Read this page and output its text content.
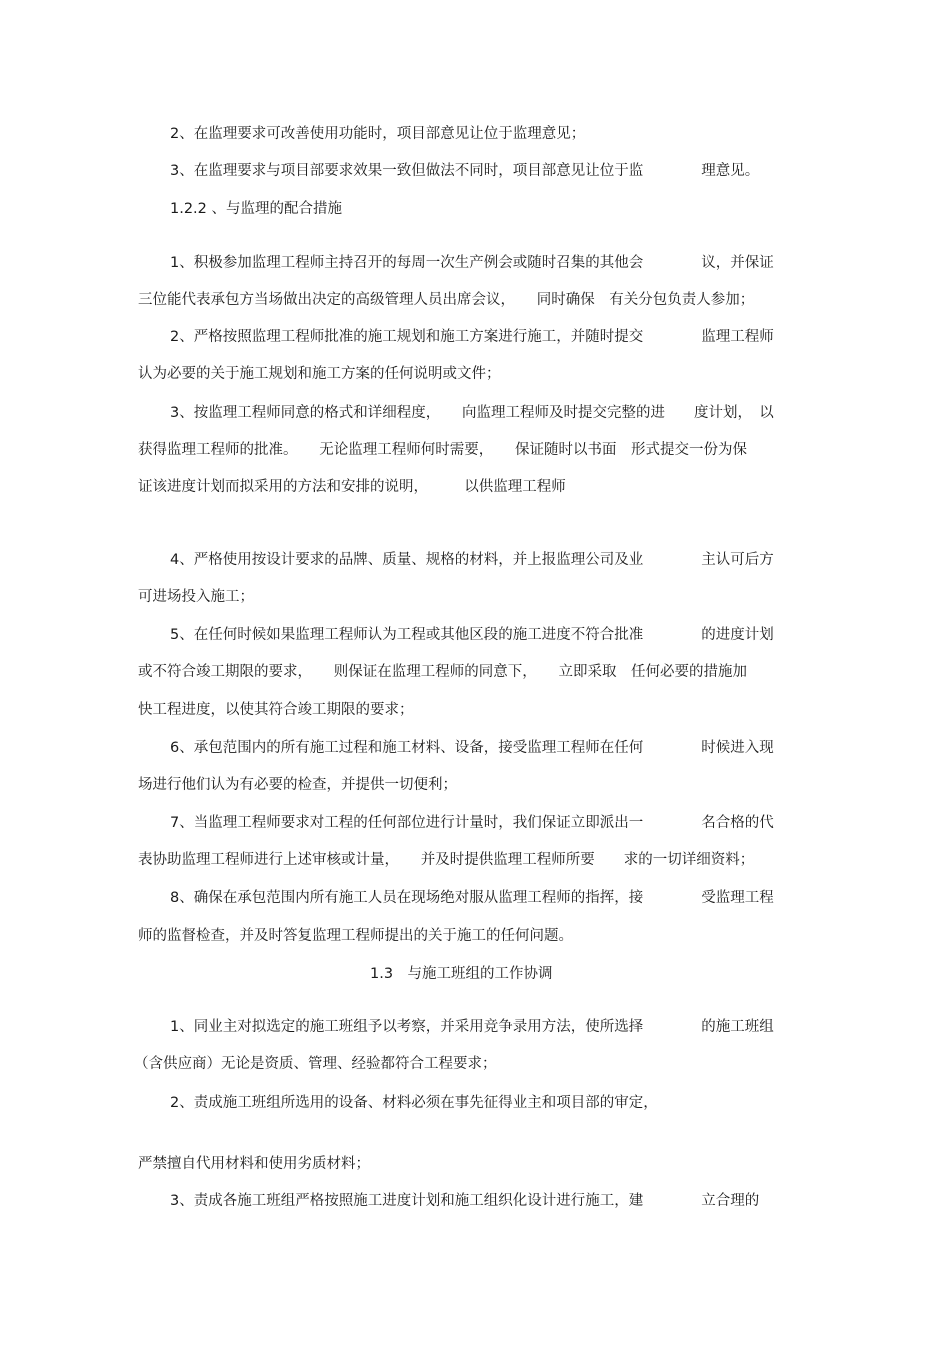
2、在监理要求可改善使用功能时，项目部意见让位于监理意见；
3、在监理要求与项目部要求效果一致但做法不同时，项目部意见让位于监　　　　理意见。
1.2.2 、与监理的配合措施
1、积极参加监理工程师主持召开的每周一次生产例会或随时召集的其他会　　　　议，并保证
三位能代表承包方当场做出决定的高级管理人员出席会议，　　同时确保　有关分包负责人参加；
2、严格按照监理工程师批准的施工规划和施工方案进行施工，并随时提交　　　　监理工程师
认为必要的关于施工规划和施工方案的任何说明或文件；
3、按监理工程师同意的格式和详细程度，　　向监理工程师及时提交完整的进　　度计划，　以
获得监理工程师的批准。　　无论监理工程师何时需要，　　保证随时以书面　形式提交一份为保
证该进度计划而拟采用的方法和安排的说明，　　　以供监理工程师
4、严格使用按设计要求的品牌、质量、规格的材料，并上报监理公司及业　　　　主认可后方
可进场投入施工；
5、在任何时候如果监理工程师认为工程或其他区段的施工进度不符合批准　　　　的进度计划
或不符合竣工期限的要求，　　则保证在监理工程师的同意下，　　立即采取　任何必要的措施加
快工程进度，以使其符合竣工期限的要求；
6、承包范围内的所有施工过程和施工材料、设备，接受监理工程师在任何　　　　时候进入现
场进行他们认为有必要的检查，并提供一切便利；
7、当监理工程师要求对工程的任何部位进行计量时，我们保证立即派出一　　　　名合格的代
表协助监理工程师进行上述审核或计量，　　并及时提供监理工程师所要　　求的一切详细资料；
8、确保在承包范围内所有施工人员在现场绝对服从监理工程师的指挥，接　　　　受监理工程
师的监督检查，并及时答复监理工程师提出的关于施工的任何问题。
1.3　与施工班组的工作协调
1、同业主对拟选定的施工班组予以考察，并采用竞争录用方法，使所选择　　　　的施工班组
（含供应商）无论是资质、管理、经验都符合工程要求；
2、责成施工班组所选用的设备、材料必须在事先征得业主和项目部的审定，
严禁擅自代用材料和使用劣质材料；
3、责成各施工班组严格按照施工进度计划和施工组织化设计进行施工，建　　　　立合理的
